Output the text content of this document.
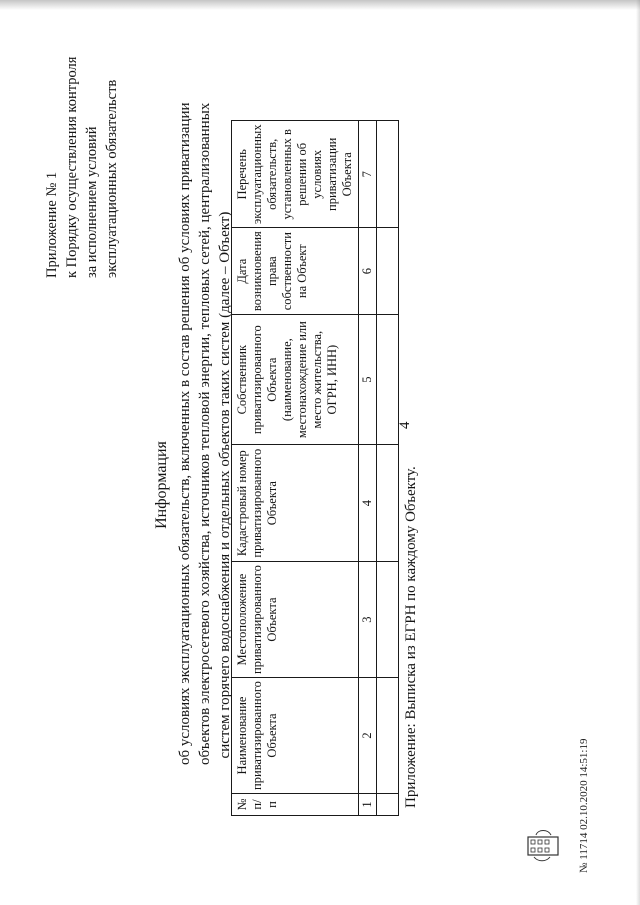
4
Приложение № 1 к Порядку осуществления контроля за исполнением условий эксплуатационных обязательств
Информация об условиях эксплуатационных обязательств, включенных в состав решения об условиях приватизации объектов электросетевого хозяйства, источников тепловой энергии, тепловых сетей, централизованных систем горячего водоснабжения и отдельных объектов таких систем (далее – Объект)
№ п/п	Наименование приватизированного Объекта	Местоположение приватизированного Объекта	Кадастровый номер приватизированного Объекта	Собственник приватизированного Объекта (наименование, местонахождение или место жительства, ОГРН, ИНН)	Дата возникновения права собственности на Объект	Перечень эксплуатационных обязательств, установленных в решении об условиях приватизации Объекта
1	2	3	4	5	6	7

Приложение: Выписка из ЕГРН по каждому Объекту.	№ 11714 02.10.2020 14:51:19
